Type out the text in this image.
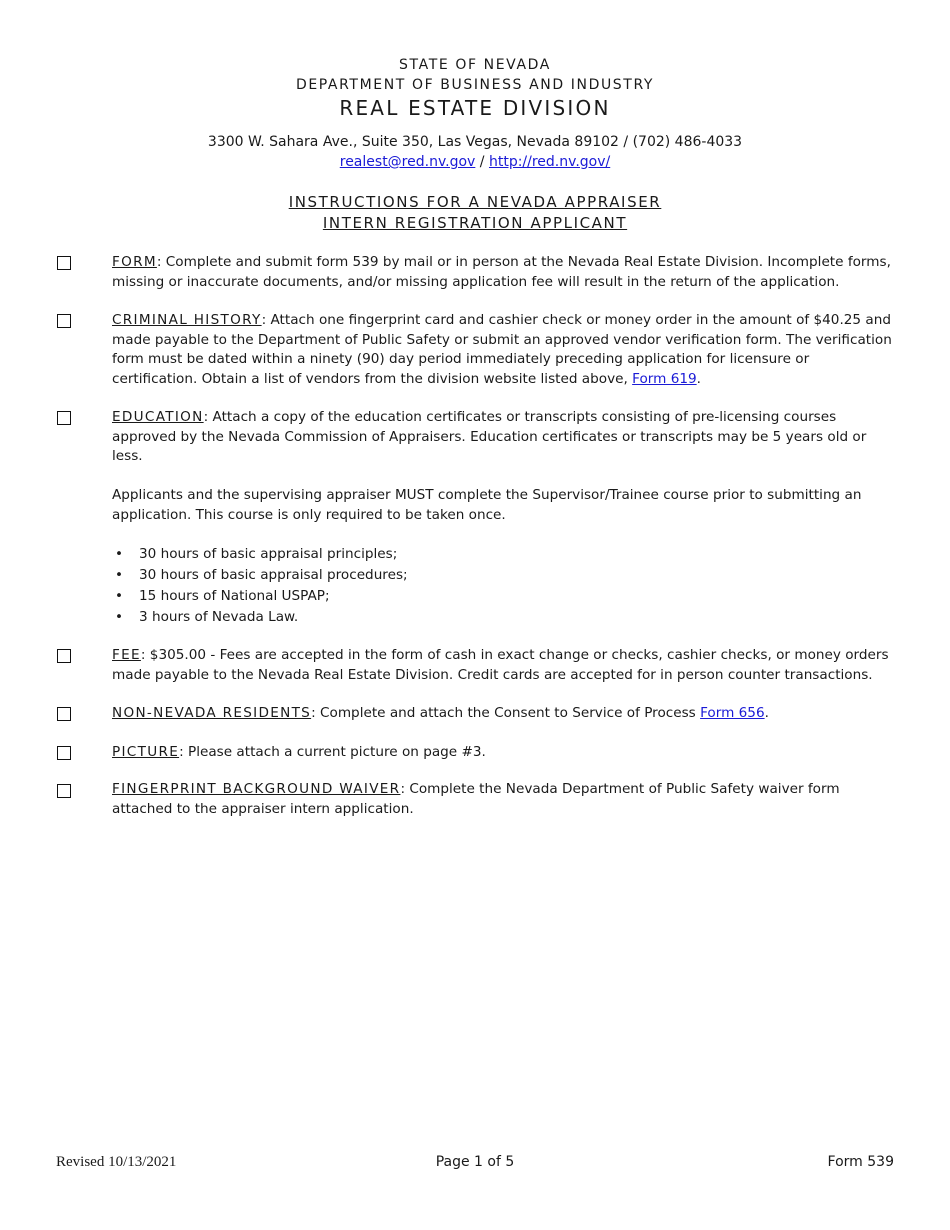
STATE OF NEVADA
DEPARTMENT OF BUSINESS AND INDUSTRY
REAL ESTATE DIVISION
3300 W. Sahara Ave., Suite 350, Las Vegas, Nevada 89102 / (702) 486-4033
realest@red.nv.gov / http://red.nv.gov/
INSTRUCTIONS FOR A NEVADA APPRAISER
INTERN REGISTRATION APPLICANT
FORM: Complete and submit form 539 by mail or in person at the Nevada Real Estate Division. Incomplete forms, missing or inaccurate documents, and/or missing application fee will result in the return of the application.
CRIMINAL HISTORY: Attach one fingerprint card and cashier check or money order in the amount of $40.25 and made payable to the Department of Public Safety or submit an approved vendor verification form. The verification form must be dated within a ninety (90) day period immediately preceding application for licensure or certification. Obtain a list of vendors from the division website listed above, Form 619.
EDUCATION: Attach a copy of the education certificates or transcripts consisting of pre-licensing courses approved by the Nevada Commission of Appraisers. Education certificates or transcripts may be 5 years old or less.
Applicants and the supervising appraiser MUST complete the Supervisor/Trainee course prior to submitting an application. This course is only required to be taken once.
• 30 hours of basic appraisal principles;
• 30 hours of basic appraisal procedures;
• 15 hours of National USPAP;
• 3 hours of Nevada Law.
FEE: $305.00 - Fees are accepted in the form of cash in exact change or checks, cashier checks, or money orders made payable to the Nevada Real Estate Division. Credit cards are accepted for in person counter transactions.
NON-NEVADA RESIDENTS: Complete and attach the Consent to Service of Process Form 656.
PICTURE: Please attach a current picture on page #3.
FINGERPRINT BACKGROUND WAIVER: Complete the Nevada Department of Public Safety waiver form attached to the appraiser intern application.
Revised 10/13/2021	Page 1 of 5	Form 539
